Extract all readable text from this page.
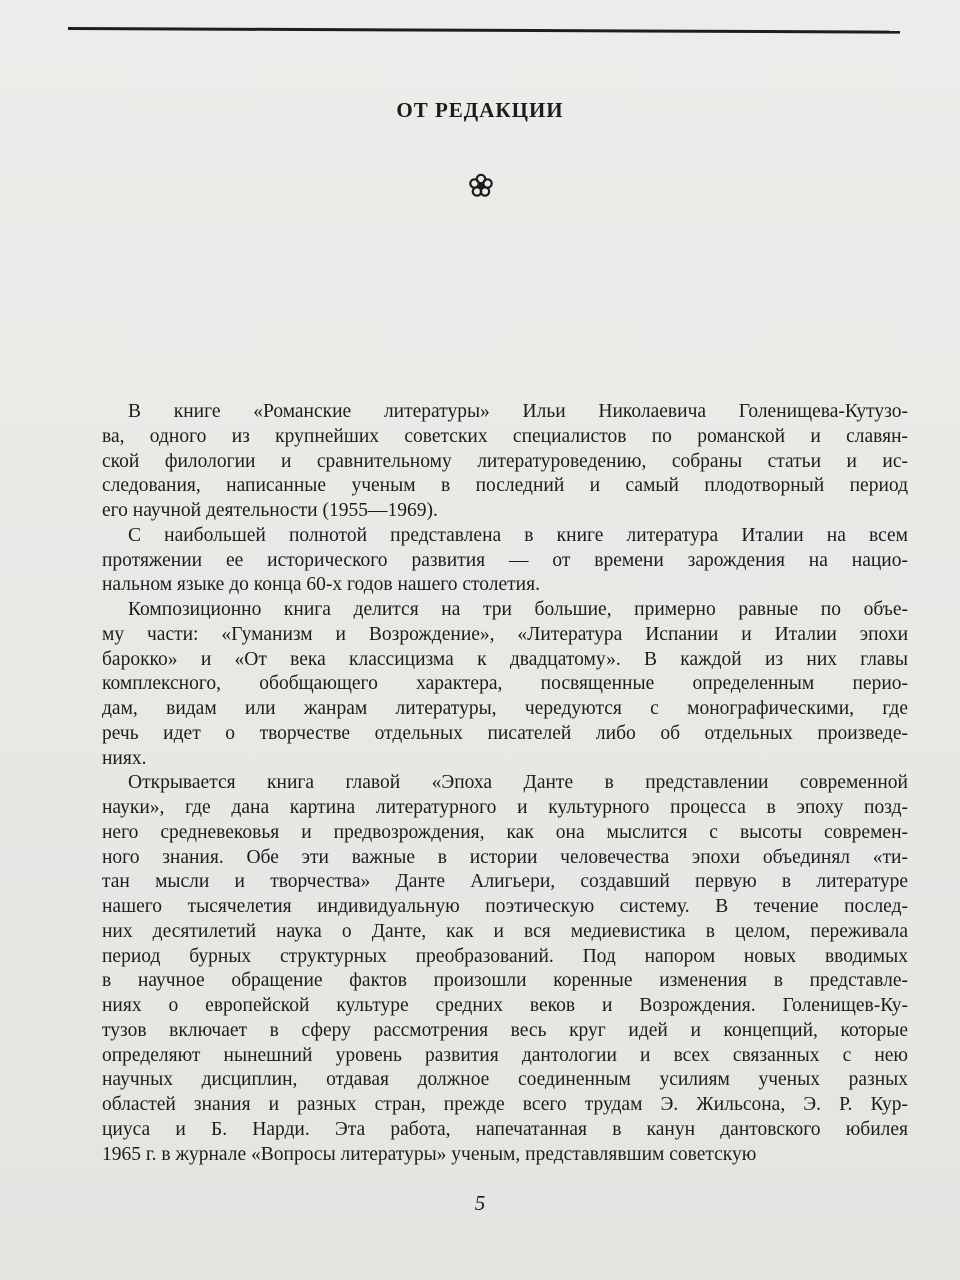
ОТ РЕДАКЦИИ
В книге «Романские литературы» Ильи Николаевича Голенищева-Кутузо-
ва, одного из крупнейших советских специалистов по романской и славян-
ской филологии и сравнительному литературоведению, собраны статьи и ис-
следования, написанные ученым в последний и самый плодотворный период
его научной деятельности (1955—1969).
С наибольшей полнотой представлена в книге литература Италии на всем
протяжении ее исторического развития — от времени зарождения на нацио-
нальном языке до конца 60-х годов нашего столетия.
Композиционно книга делится на три большие, примерно равные по объе-
му части: «Гуманизм и Возрождение», «Литература Испании и Италии эпохи
барокко» и «От века классицизма к двадцатому». В каждой из них главы
комплексного, обобщающего характера, посвященные определенным перио-
дам, видам или жанрам литературы, чередуются с монографическими, где
речь идет о творчестве отдельных писателей либо об отдельных произведе-
ниях.
Открывается книга главой «Эпоха Данте в представлении современной
науки», где дана картина литературного и культурного процесса в эпоху позд-
него средневековья и предвозрождения, как она мыслится с высоты современ-
ного знания. Обе эти важные в истории человечества эпохи объединял «ти-
тан мысли и творчества» Данте Алигьери, создавший первую в литературе
нашего тысячелетия индивидуальную поэтическую систему. В течение послед-
них десятилетий наука о Данте, как и вся медиевистика в целом, переживала
период бурных структурных преобразований. Под напором новых вводимых
в научное обращение фактов произошли коренные изменения в представле-
ниях о европейской культуре средних веков и Возрождения. Голенищев-Ку-
тузов включает в сферу рассмотрения весь круг идей и концепций, которые
определяют нынешний уровень развития дантологии и всех связанных с нею
научных дисциплин, отдавая должное соединенным усилиям ученых разных
областей знания и разных стран, прежде всего трудам Э. Жильсона, Э. Р. Кур-
циуса и Б. Нарди. Эта работа, напечатанная в канун дантовского юбилея
1965 г. в журнале «Вопросы литературы» ученым, представлявшим советскую
5
